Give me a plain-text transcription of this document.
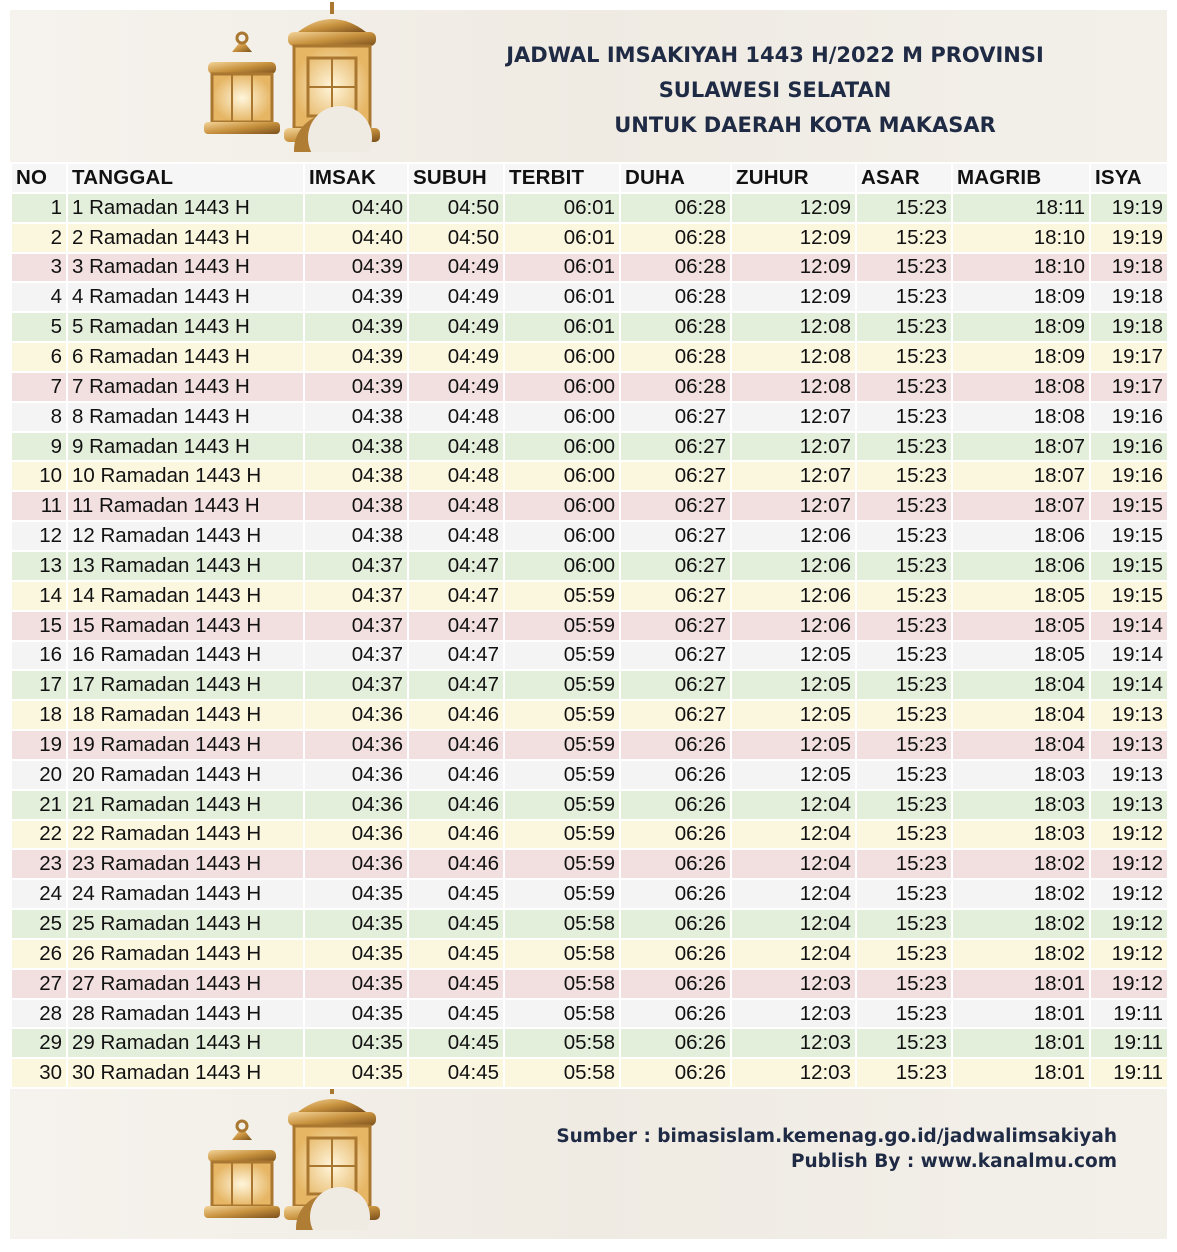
JADWAL IMSAKIYAH 1443 H/2022 M PROVINSI
SULAWESI SELATAN
UNTUK DAERAH KOTA MAKASAR
NO	TANGGAL	IMSAK	SUBUH	TERBIT	DUHA	ZUHUR	ASAR	MAGRIB	ISYA
1	1 Ramadan 1443 H	04:40	04:50	06:01	06:28	12:09	15:23	18:11	19:19
2	2 Ramadan 1443 H	04:40	04:50	06:01	06:28	12:09	15:23	18:10	19:19
3	3 Ramadan 1443 H	04:39	04:49	06:01	06:28	12:09	15:23	18:10	19:18
4	4 Ramadan 1443 H	04:39	04:49	06:01	06:28	12:09	15:23	18:09	19:18
5	5 Ramadan 1443 H	04:39	04:49	06:01	06:28	12:08	15:23	18:09	19:18
6	6 Ramadan 1443 H	04:39	04:49	06:00	06:28	12:08	15:23	18:09	19:17
7	7 Ramadan 1443 H	04:39	04:49	06:00	06:28	12:08	15:23	18:08	19:17
8	8 Ramadan 1443 H	04:38	04:48	06:00	06:27	12:07	15:23	18:08	19:16
9	9 Ramadan 1443 H	04:38	04:48	06:00	06:27	12:07	15:23	18:07	19:16
10	10 Ramadan 1443 H	04:38	04:48	06:00	06:27	12:07	15:23	18:07	19:16
11	11 Ramadan 1443 H	04:38	04:48	06:00	06:27	12:07	15:23	18:07	19:15
12	12 Ramadan 1443 H	04:38	04:48	06:00	06:27	12:06	15:23	18:06	19:15
13	13 Ramadan 1443 H	04:37	04:47	06:00	06:27	12:06	15:23	18:06	19:15
14	14 Ramadan 1443 H	04:37	04:47	05:59	06:27	12:06	15:23	18:05	19:15
15	15 Ramadan 1443 H	04:37	04:47	05:59	06:27	12:06	15:23	18:05	19:14
16	16 Ramadan 1443 H	04:37	04:47	05:59	06:27	12:05	15:23	18:05	19:14
17	17 Ramadan 1443 H	04:37	04:47	05:59	06:27	12:05	15:23	18:04	19:14
18	18 Ramadan 1443 H	04:36	04:46	05:59	06:27	12:05	15:23	18:04	19:13
19	19 Ramadan 1443 H	04:36	04:46	05:59	06:26	12:05	15:23	18:04	19:13
20	20 Ramadan 1443 H	04:36	04:46	05:59	06:26	12:05	15:23	18:03	19:13
21	21 Ramadan 1443 H	04:36	04:46	05:59	06:26	12:04	15:23	18:03	19:13
22	22 Ramadan 1443 H	04:36	04:46	05:59	06:26	12:04	15:23	18:03	19:12
23	23 Ramadan 1443 H	04:36	04:46	05:59	06:26	12:04	15:23	18:02	19:12
24	24 Ramadan 1443 H	04:35	04:45	05:59	06:26	12:04	15:23	18:02	19:12
25	25 Ramadan 1443 H	04:35	04:45	05:58	06:26	12:04	15:23	18:02	19:12
26	26 Ramadan 1443 H	04:35	04:45	05:58	06:26	12:04	15:23	18:02	19:12
27	27 Ramadan 1443 H	04:35	04:45	05:58	06:26	12:03	15:23	18:01	19:12
28	28 Ramadan 1443 H	04:35	04:45	05:58	06:26	12:03	15:23	18:01	19:11
29	29 Ramadan 1443 H	04:35	04:45	05:58	06:26	12:03	15:23	18:01	19:11
30	30 Ramadan 1443 H	04:35	04:45	05:58	06:26	12:03	15:23	18:01	19:11
Sumber : bimasislam.kemenag.go.id/jadwalimsakiyah
Publish By : www.kanalmu.com
